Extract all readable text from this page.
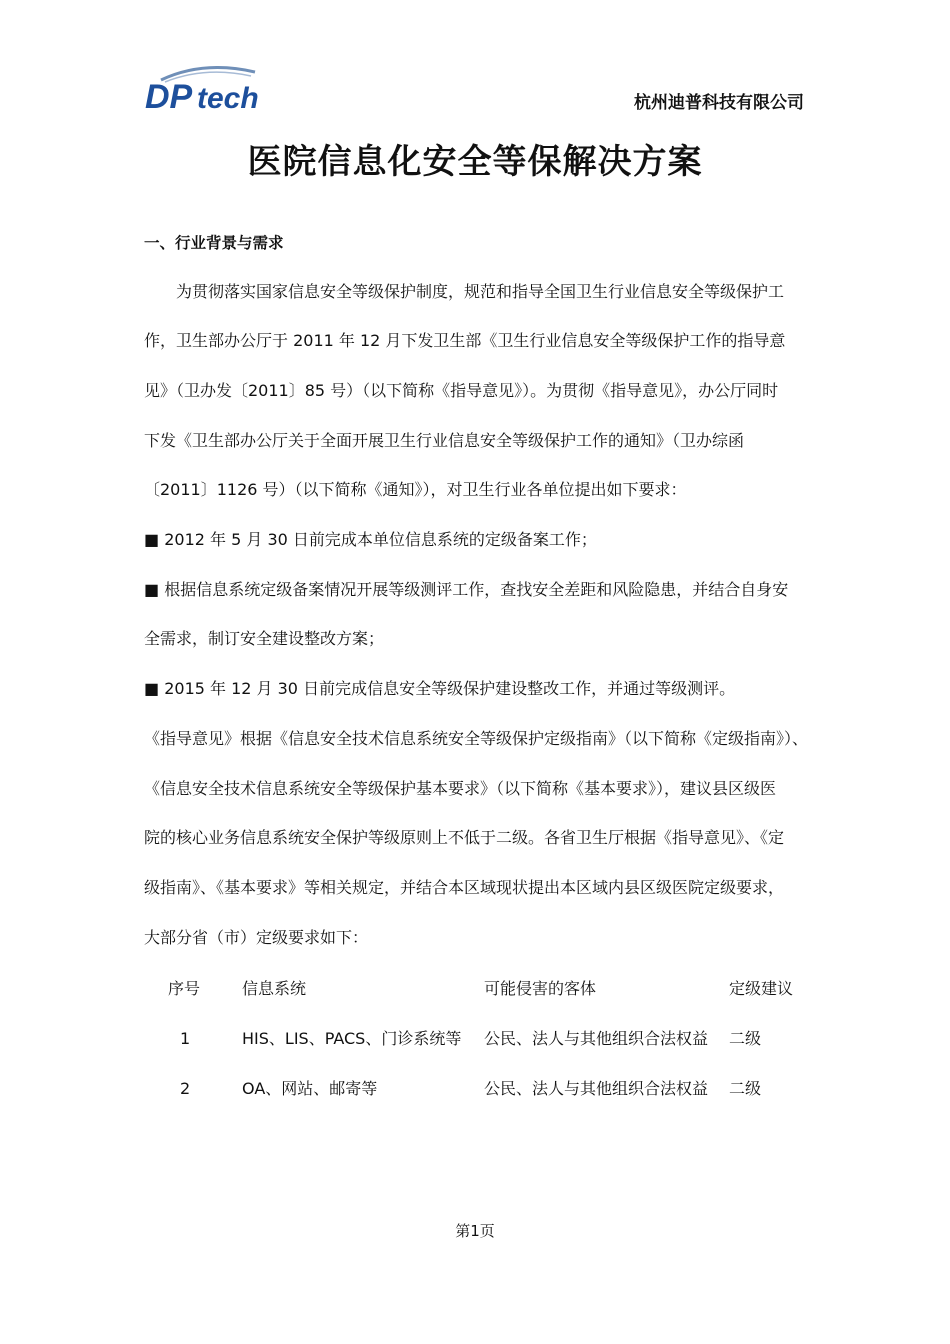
DP tech	杭州迪普科技有限公司
医院信息化安全等保解决方案
一、行业背景与需求
为贯彻落实国家信息安全等级保护制度，规范和指导全国卫生行业信息安全等级保护工
作，卫生部办公厅于 2011 年 12 月下发卫生部《卫生行业信息安全等级保护工作的指导意
见》（卫办发〔2011〕85 号）（以下简称《指导意见》）。为贯彻《指导意见》，办公厅同时
下发《卫生部办公厅关于全面开展卫生行业信息安全等级保护工作的通知》（卫办综函
〔2011〕1126 号）（以下简称《通知》），对卫生行业各单位提出如下要求：
■ 2012 年 5 月 30 日前完成本单位信息系统的定级备案工作；
■ 根据信息系统定级备案情况开展等级测评工作，查找安全差距和风险隐患，并结合自身安
全需求，制订安全建设整改方案；
■ 2015 年 12 月 30 日前完成信息安全等级保护建设整改工作，并通过等级测评。
《指导意见》根据《信息安全技术信息系统安全等级保护定级指南》（以下简称《定级指南》）、
《信息安全技术信息系统安全等级保护基本要求》（以下简称《基本要求》），建议县区级医
院的核心业务信息系统安全保护等级原则上不低于二级。各省卫生厅根据《指导意见》、《定
级指南》、《基本要求》等相关规定，并结合本区域现状提出本区域内县区级医院定级要求，
大部分省（市）定级要求如下：
序号	信息系统	可能侵害的客体	定级建议
1	HIS、LIS、PACS、门诊系统等 公民、法人与其他组织合法权益 二级
2	OA、网站、邮寄等	公民、法人与其他组织合法权益 二级
第1页
